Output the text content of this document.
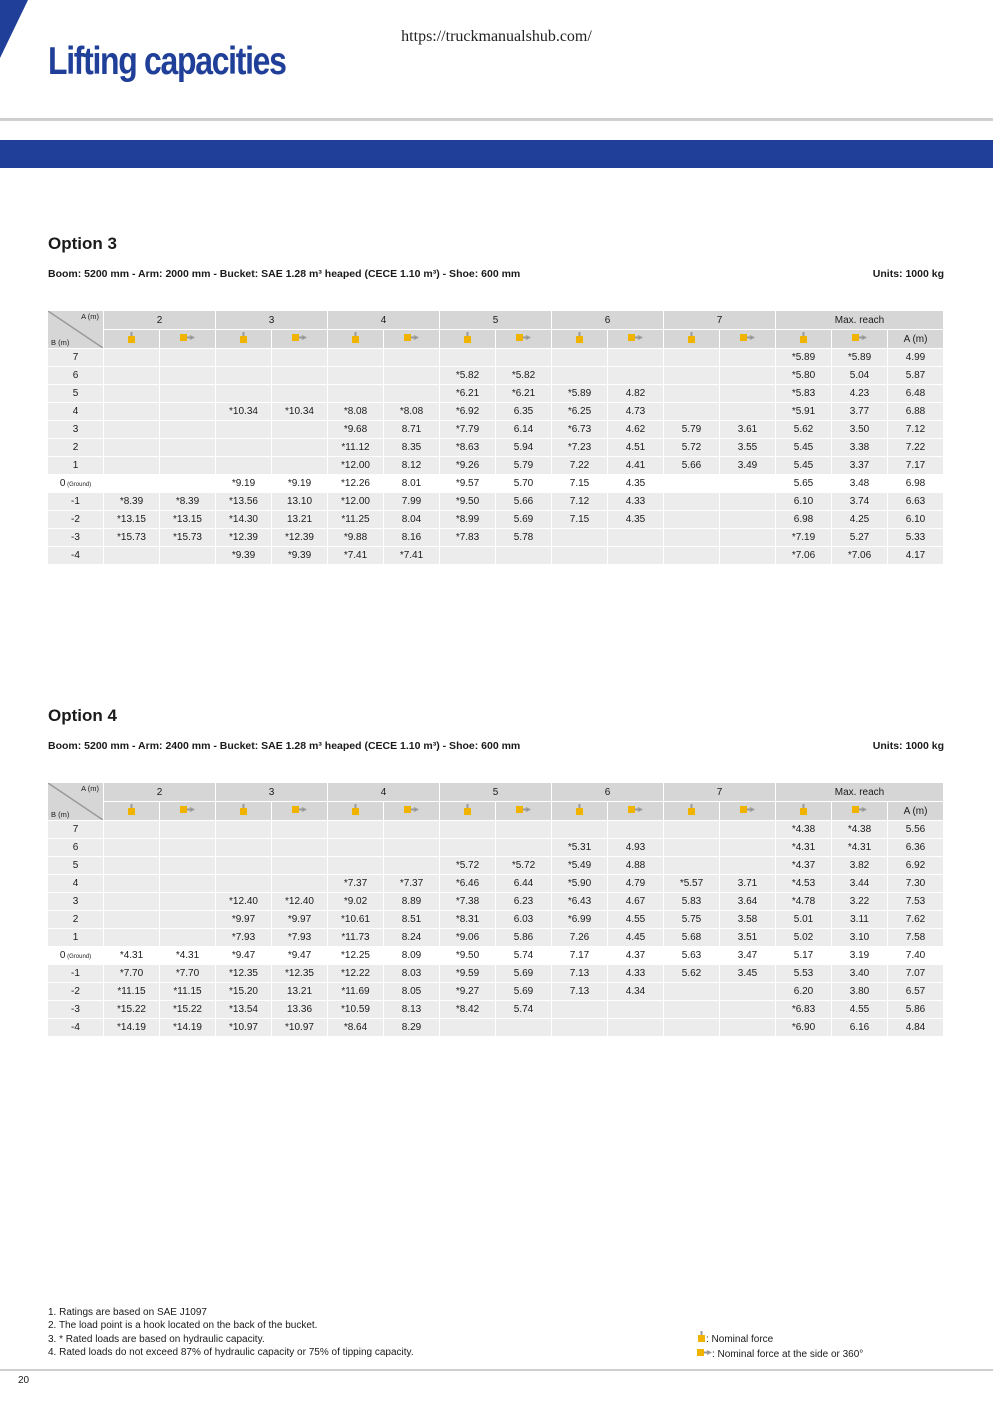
https://truckmanualshub.com/
Lifting capacities
Option 3
Boom: 5200 mm - Arm: 2000 mm - Bucket: SAE 1.28 m³ heaped (CECE 1.10 m³) - Shoe: 600 mm	Units: 1000 kg
A (m)
B (m)	2		3		4		5		6		7		Max. reach		
														A (m)
7													*5.89	*5.89	4.99
6							*5.82	*5.82					*5.80	5.04	5.87
5							*6.21	*6.21	*5.89	4.82			*5.83	4.23	6.48
4			*10.34	*10.34	*8.08	*8.08	*6.92	6.35	*6.25	4.73			*5.91	3.77	6.88
3					*9.68	8.71	*7.79	6.14	*6.73	4.62	5.79	3.61	5.62	3.50	7.12
2					*11.12	8.35	*8.63	5.94	*7.23	4.51	5.72	3.55	5.45	3.38	7.22
1					*12.00	8.12	*9.26	5.79	7.22	4.41	5.66	3.49	5.45	3.37	7.17
0 (Ground)			*9.19	*9.19	*12.26	8.01	*9.57	5.70	7.15	4.35			5.65	3.48	6.98
-1	*8.39	*8.39	*13.56	13.10	*12.00	7.99	*9.50	5.66	7.12	4.33			6.10	3.74	6.63
-2	*13.15	*13.15	*14.30	13.21	*11.25	8.04	*8.99	5.69	7.15	4.35			6.98	4.25	6.10
-3	*15.73	*15.73	*12.39	*12.39	*9.88	8.16	*7.83	5.78					*7.19	5.27	5.33
-4			*9.39	*9.39	*7.41	*7.41							*7.06	*7.06	4.17
Option 4
Boom: 5200 mm - Arm: 2400 mm - Bucket: SAE 1.28 m³ heaped (CECE 1.10 m³) - Shoe: 600 mm	Units: 1000 kg
A (m)
B (m)	2		3		4		5		6		7		Max. reach		
														A (m)
7													*4.38	*4.38	5.56
6									*5.31	4.93			*4.31	*4.31	6.36
5							*5.72	*5.72	*5.49	4.88			*4.37	3.82	6.92
4					*7.37	*7.37	*6.46	6.44	*5.90	4.79	*5.57	3.71	*4.53	3.44	7.30
3			*12.40	*12.40	*9.02	8.89	*7.38	6.23	*6.43	4.67	5.83	3.64	*4.78	3.22	7.53
2			*9.97	*9.97	*10.61	8.51	*8.31	6.03	*6.99	4.55	5.75	3.58	5.01	3.11	7.62
1			*7.93	*7.93	*11.73	8.24	*9.06	5.86	7.26	4.45	5.68	3.51	5.02	3.10	7.58
0 (Ground)	*4.31	*4.31	*9.47	*9.47	*12.25	8.09	*9.50	5.74	7.17	4.37	5.63	3.47	5.17	3.19	7.40
-1	*7.70	*7.70	*12.35	*12.35	*12.22	8.03	*9.59	5.69	7.13	4.33	5.62	3.45	5.53	3.40	7.07
-2	*11.15	*11.15	*15.20	13.21	*11.69	8.05	*9.27	5.69	7.13	4.34			6.20	3.80	6.57
-3	*15.22	*15.22	*13.54	13.36	*10.59	8.13	*8.42	5.74					*6.83	4.55	5.86
-4	*14.19	*14.19	*10.97	*10.97	*8.64	8.29							*6.90	6.16	4.84
1. Ratings are based on SAE J1097
2. The load point is a hook located on the back of the bucket.
3. * Rated loads are based on hydraulic capacity.
4. Rated loads do not exceed 87% of hydraulic capacity or 75% of tipping capacity.
: Nominal force
: Nominal force at the side or 360°
20
